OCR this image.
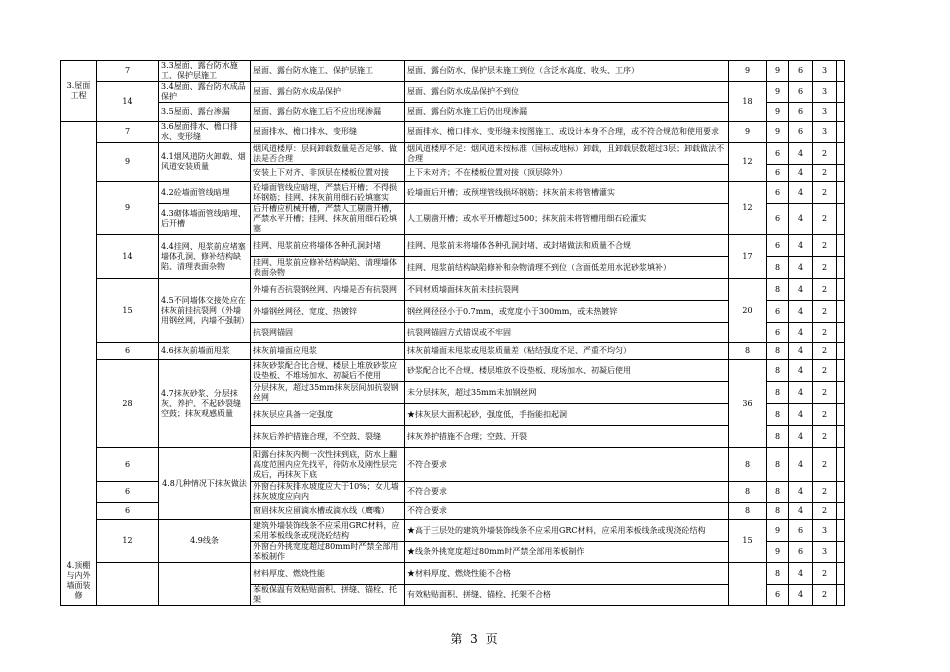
3.屋面工程	7	3.3屋面、露台防水施工、保护层施工	屋面、露台防水施工、保护层施工	屋面、露台防水、保护层未施工到位（含泛水高度、收头、工序）	9	9	6	3	
	14	3.4屋面、露台防水成品保护	屋面、露台防水成品保护	屋面、露台防水成品保护不到位	18	9	6	3	
		3.5屋面、露台渗漏	屋面、露台防水施工后不应出现渗漏	屋面、露台防水施工后仍出现渗漏		9	6	3	
4.顶棚与内外墙面装修	7	3.6屋面排水、檐口排水、变形缝	屋面排水、檐口排水、变形缝	屋面排水、檐口排水、变形缝未按图施工、或设计本身不合理，或不符合规范和使用要求	9	9	6	3	
	9	4.1烟风道防火卸载、烟风道安装质量	烟风道楼厚：层间卸载数量是否足够、做法是否合理	烟风道楼厚不足：烟风道未按标准（国标或地标）卸载，且卸载层数超过3层；卸载做法不合理	12	6	4	2	
			安装上下对齐、非顶层在楼板位置对接	上下未对齐；不在楼板位置对接（顶层除外）		6	4	2	
	9	4.2砼墙面管线暗埋	砼墙面管线应暗埋，严禁后开槽；不得损坏钢筋；挂网、抹灰前用细石砼填塞实	砼墙面后开槽；或预埋管线损坏钢筋；抹灰前未将管槽灌实	12	6	4	2	
		4.3砌体墙面管线暗埋、后开槽	后开槽应机械开槽，严禁人工剔凿开槽，严禁水平开槽；挂网、抹灰前用细石砼填塞	人工剔凿开槽；或水平开槽超过500；抹灰前未将管槽用细石砼灌实		6	4	2	
	14	4.4挂网、甩浆前应堵塞墙体孔洞、修补结构缺陷、清理表面杂物	挂网、甩浆前应将墙体各种孔洞封堵	挂网、甩浆前未将墙体各种孔洞封堵、或封堵做法和质量不合规	17	6	4	2	
			挂网、甩浆前应修补结构缺陷、清理墙体表面杂物	挂网、甩浆前结构缺陷修补和杂物清理不到位（含面低差用水泥砂浆填补）		8	4	2	
	15	4.5不同墙体交接处应在抹灰前挂抗裂网（外墙用钢丝网，内墙不强制）	外墙有否抗裂钢丝网、内墙是否有抗裂网	不同材质墙面抹灰前未挂抗裂网	20	8	4	2	
			外墙钢丝网径、宽度、热镀锌	钢丝网径径小于0.7mm，或宽度小于300mm，或未热镀锌		6	4	2	
			抗裂网锚固	抗裂网锚固方式错误或不牢固		6	4	2	
	6	4.6抹灰前墙面甩浆	抹灰前墙面应甩浆	抹灰前墙面未甩浆或甩浆质量差（粘结强度不足、严重不均匀）	8	8	4	2	
	28	4.7抹灰砂浆、分层抹灰、养护、不起砂裂缝空鼓；抹灰观感质量	抹灰砂浆配合比合规、楼层上堆放砂浆应设垫板、不堆场加水、初凝后不使用	砂浆配合比不合规、楼层堆放不设垫板、现场加水、初凝后使用	36	8	4	2	
			分层抹灰，超过35mm抹灰层间加抗裂钢丝网	未分层抹灰，超过35mm未加钢丝网		8	4	2	
			抹灰层应具备一定强度	★抹灰层大面积起砂，强度低，手指能扣起洞		8	4	2	
			抹灰后养护措施合理，不空鼓、裂缝	抹灰养护措施不合理；空鼓、开裂		8	4	2	
	6	4.8几种情况下抹灰做法	阳露台抹灰内侧一次性抹到底，防水上翻高度范围内应先找平，待防水及刚性层完成后，再抹灰下底	不符合要求	8	8	4	2	
	6		外窗台抹灰排水坡度应大于10%；女儿墙抹灰坡度应向内	不符合要求	8	8	4	2	
	6		窗眉抹灰应留滴水槽或滴水线（鹰嘴）	不符合要求	8	8	4	2	
	12	4.9线条	建筑外墙装饰线条不应采用GRC材料，应采用苯板线条或现浇砼结构	★高于三层处的建筑外墙装饰线条不应采用GRC材料，应采用苯板线条或现浇砼结构	15	9	6	3	
			外窗台外挑宽度超过80mm时严禁全部用苯板制作	★线条外挑宽度超过80mm时严禁全部用苯板制作		9	6	3	
			材料厚度、燃烧性能	★材料厚度、燃烧性能不合格		8	4	2	
			苯板保温有效粘贴面积、拼缝、锚栓、托架	有效粘贴面积、拼缝、锚栓、托架不合格		6	4	2	
第 3 页
